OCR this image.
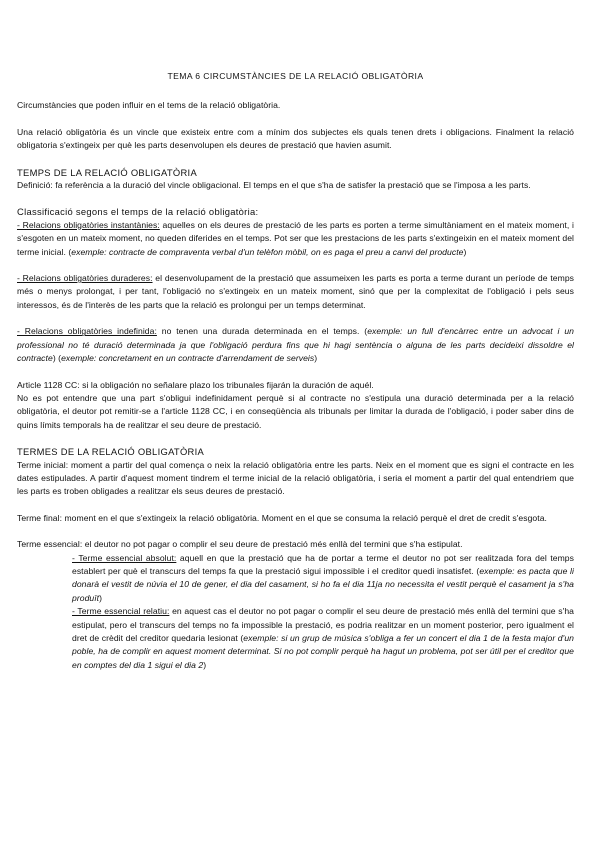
TEMA 6 CIRCUMSTÀNCIES DE LA RELACIÓ OBLIGATÒRIA

Circumstàncies que poden influir en el tems de la relació obligatòria.

Una relació obligatòria és un vincle que existeix entre com a mínim dos subjectes els quals tenen drets i obligacions. Finalment la relació obligatoria s'extingeix per què les parts desenvolupen els deures de prestació que havien asumit.

TEMPS DE LA RELACIÓ OBLIGATÒRIA

Definició: fa referència a la duració del vincle obligacional. El temps en el que s'ha de satisfer la prestació que se l'imposa a les parts.

Classificació segons el temps de la relació obligatòria:

- Relacions obligatòries instantànies: aquelles on els deures de prestació de les parts es porten a terme simultàniament en el mateix moment, i s'esgoten en un mateix moment, no queden diferides en el temps. Pot ser que les prestacions de les parts s'extingeixin en el mateix moment del terme inicial. (exemple: contracte de compraventa verbal d'un telèfon mòbil, on es paga el preu a canvi del producte)

- Relacions obligatòries duraderes: el desenvolupament de la prestació que assumeixen les parts es porta a terme durant un període de temps més o menys prolongat, i per tant, l'obligació no s'extingeix en un mateix moment, sinó que per la complexitat de l'obligació i pels seus interessos, és de l'interès de les parts que la relació es prolongui per un temps determinat.

- Relacions obligatòries indefinida: no tenen una durada determinada en el temps. (exemple: un full d'encàrrec entre un advocat i un professional no té duració determinada ja que l'obligació perdura fins que hi hagi sentència o alguna de les parts decideixi dissoldre el contracte) (exemple: concretament en un contracte d'arrendament de serveis)

Article 1128 CC: si la obligación no señalare plazo los tribunales fijarán la duración de aquél.

No es pot entendre que una part s'obligui indefinidament perquè si al contracte no s'estipula una duració determinada per a la relació obligatòria, el deutor pot remitir-se a l'article 1128 CC, i en conseqüència als tribunals per limitar la durada de l'obligació, i poder saber dins de quins límits temporals ha de realitzar el seu deure de prestació.

TERMES DE LA RELACIÓ OBLIGATÒRIA

Terme inicial: moment a partir del qual comença o neix la relació obligatòria entre les parts. Neix en el moment que es signi el contracte en les dates estipulades. A partir d'aquest moment tindrem el terme inicial de la relació obligatòria, i seria el moment a partir del qual entendriem que les parts es troben obligades a realitzar els seus deures de prestació.

Terme final: moment en el que s'extingeix la relació obligatòria. Moment en el que se consuma la relació perquè el dret de credit s'esgota.

Terme essencial: el deutor no pot pagar o complir el seu deure de prestació més enllà del termini que s'ha estipulat.

- Terme essencial absolut: aquell en que la prestació que ha de portar a terme el deutor no pot ser realitzada fora del temps establert per què el transcurs del temps fa que la prestació sigui impossible i el creditor quedi insatisfet. (exemple: es pacta que li donarà el vestit de núvia el 10 de gener, el dia del casament, si ho fa el dia 11ja no necessita el vestit perquè el casament ja s'ha produït)

- Terme essencial relatiu: en aquest cas el deutor no pot pagar o complir el seu deure de prestació més enllà del termini que s'ha estipulat, pero el transcurs del temps no fa impossible la prestació, es podria realitzar en un moment posterior, pero igualment el dret de crèdit del creditor quedaria lesionat (exemple: si un grup de música s'obliga a fer un concert el dia 1 de la festa major d'un poble, ha de complir en aquest moment determinat. Si no pot complir perquè ha hagut un problema, pot ser útil per el creditor que en comptes del dia 1 sigui el dia 2)
